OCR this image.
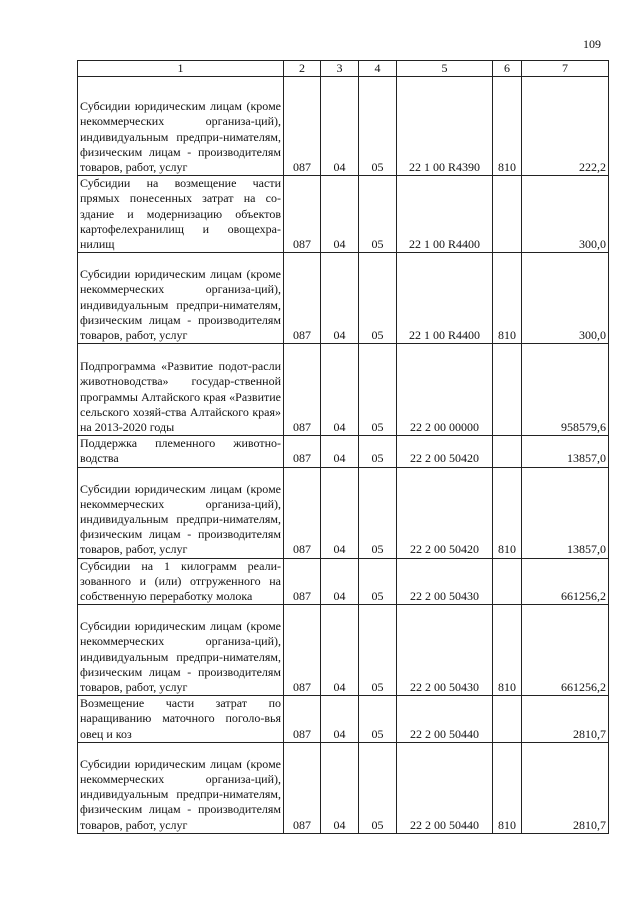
109
1	2	3	4	5	6	7
Субсидии юридическим лицам (кроме некоммерческих организа-ций), индивидуальным предпри-нимателям, физическим лицам - производителям товаров, работ, услуг	087	04	05	22 1 00 R4390	810	222,2
Субсидии на возмещение части прямых понесенных затрат на со-здание и модернизацию объектов картофелехранилищ и овощехра-нилищ	087	04	05	22 1 00 R4400		300,0
Субсидии юридическим лицам (кроме некоммерческих организа-ций), индивидуальным предпри-нимателям, физическим лицам - производителям товаров, работ, услуг	087	04	05	22 1 00 R4400	810	300,0
Подпрограмма «Развитие подот-расли животноводства» государ-ственной программы Алтайского края «Развитие сельского хозяй-ства Алтайского края» на 2013-2020 годы	087	04	05	22 2 00 00000		958579,6
Поддержка племенного животно-водства	087	04	05	22 2 00 50420		13857,0
Субсидии юридическим лицам (кроме некоммерческих организа-ций), индивидуальным предпри-нимателям, физическим лицам - производителям товаров, работ, услуг	087	04	05	22 2 00 50420	810	13857,0
Субсидии на 1 килограмм реали-зованного и (или) отгруженного на собственную переработку молока	087	04	05	22 2 00 50430		661256,2
Субсидии юридическим лицам (кроме некоммерческих организа-ций), индивидуальным предпри-нимателям, физическим лицам - производителям товаров, работ, услуг	087	04	05	22 2 00 50430	810	661256,2
Возмещение части затрат по наращиванию маточного поголо-вья овец и коз	087	04	05	22 2 00 50440		2810,7
Субсидии юридическим лицам (кроме некоммерческих организа-ций), индивидуальным предпри-нимателям, физическим лицам - производителям товаров, работ, услуг	087	04	05	22 2 00 50440	810	2810,7
